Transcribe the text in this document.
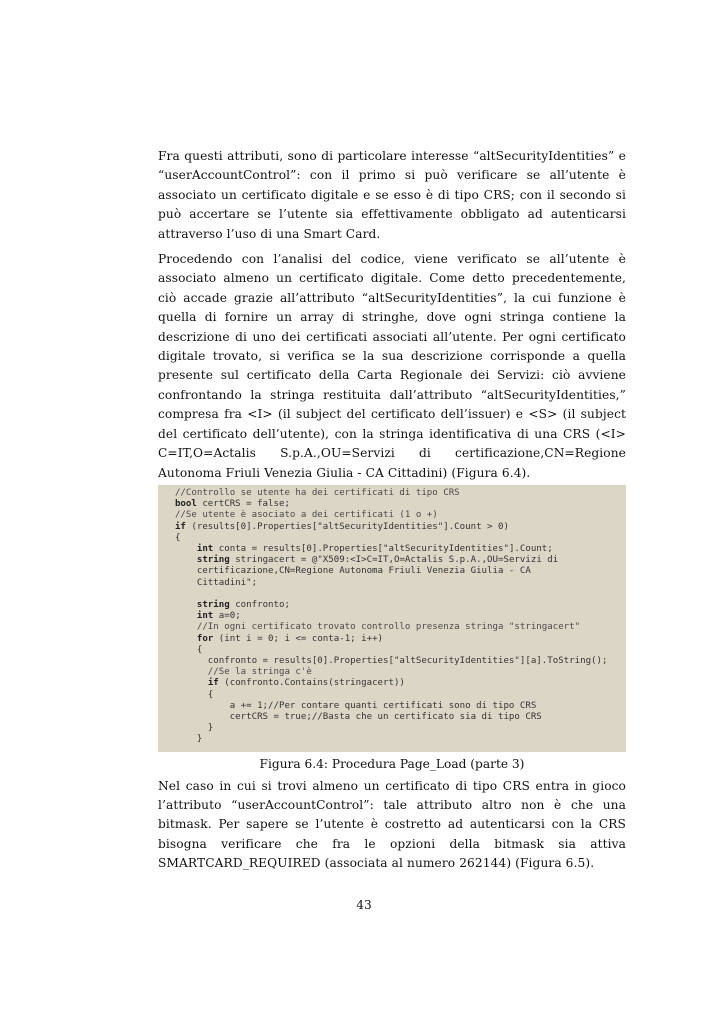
Fra questi attributi, sono di particolare interesse “altSecurityIdentities” e “userAccountControl”: con il primo si può verificare se all’utente è associato un certificato digitale e se esso è di tipo CRS; con il secondo si può accertare se l’utente sia effettivamente obbligato ad autenticarsi attraverso l’uso di una Smart Card.

Procedendo con l’analisi del codice, viene verificato se all’utente è associato almeno un certificato digitale. Come detto precedentemente, ciò accade grazie all’attributo “altSecurityIdentities”, la cui funzione è quella di fornire un array di stringhe, dove ogni stringa contiene la descrizione di uno dei certificati associati all’utente. Per ogni certificato digitale trovato, si verifica se la sua descrizione corrisponde a quella presente sul certificato della Carta Regionale dei Servizi: ciò avviene confrontando la stringa restituita dall’attributo “altSecurityIdentities,” compresa fra <I> (il subject del certificato dell’issuer) e <S> (il subject del certificato dell’utente), con la stringa identificativa di una CRS (<I> C=IT,O=Actalis S.p.A.,OU=Servizi di certificazione,CN=Regione Autonoma Friuli Venezia Giulia - CA Cittadini) (Figura 6.4).

//Controllo se utente ha dei certificati di tipo CRS
bool certCRS = false;
//Se utente è asociato a dei certificati (1 o +)
if (results[0].Properties["altSecurityIdentities"].Count > 0)
{
int conta = results[0].Properties["altSecurityIdentities"].Count;
string stringacert = @"X509:<I>C=IT,O=Actalis S.p.A.,OU=Servizi di
certificazione,CN=Regione Autonoma Friuli Venezia Giulia - CA
Cittadini";

string confronto;
int a=0;
//In ogni certificato trovato controllo presenza stringa "stringacert"
for (int i = 0; i <= conta-1; i++)
{
confronto = results[0].Properties["altSecurityIdentities"][a].ToString();
//Se la stringa c'è
if (confronto.Contains(stringacert))
{
a += 1;//Per contare quanti certificati sono di tipo CRS
certCRS = true;//Basta che un certificato sia di tipo CRS
}
}
Figura 6.4: Procedura Page_Load (parte 3)

Nel caso in cui si trovi almeno un certificato di tipo CRS entra in gioco l’attributo “userAccountControl”: tale attributo altro non è che una bitmask. Per sapere se l’utente è costretto ad autenticarsi con la CRS bisogna verificare che fra le opzioni della bitmask sia attiva SMARTCARD_REQUIRED (associata al numero 262144) (Figura 6.5).

43
